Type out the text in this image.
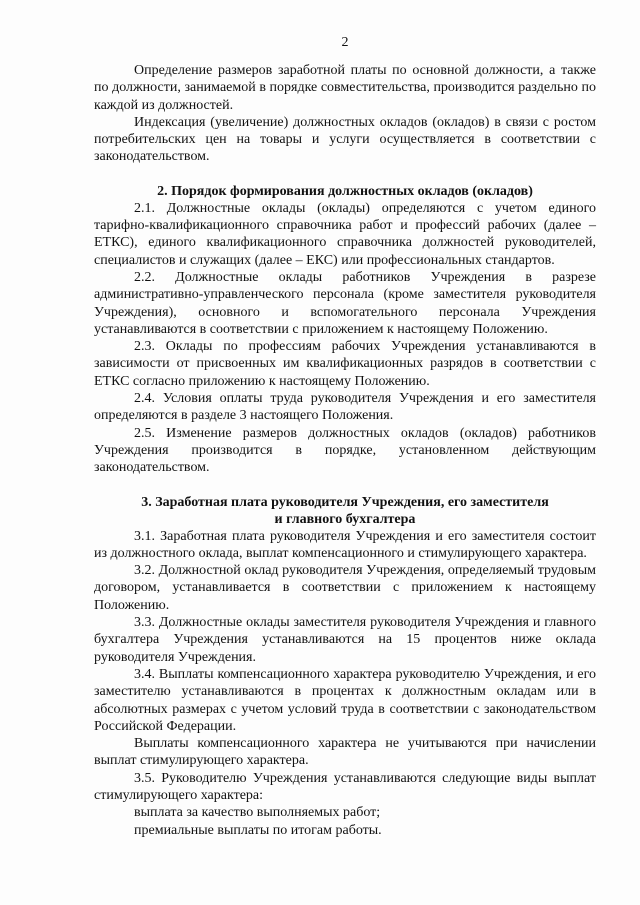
2

Определение размеров заработной платы по основной должности, а также по должности, занимаемой в порядке совместительства, производится раздельно по каждой из должностей.

Индексация (увеличение) должностных окладов (окладов) в связи с ростом потребительских цен на товары и услуги осуществляется в соответствии с законодательством.

2. Порядок формирования должностных окладов (окладов)

2.1. Должностные оклады (оклады) определяются с учетом единого тарифно-квалификационного справочника работ и профессий рабочих (далее – ЕТКС), единого квалификационного справочника должностей руководителей, специалистов и служащих (далее – ЕКС) или профессиональных стандартов.

2.2. Должностные оклады работников Учреждения в разрезе административно-управленческого персонала (кроме заместителя руководителя Учреждения), основного и вспомогательного персонала Учреждения устанавливаются в соответствии с приложением к настоящему Положению.

2.3. Оклады по профессиям рабочих Учреждения устанавливаются в зависимости от присвоенных им квалификационных разрядов в соответствии с ЕТКС согласно приложению к настоящему Положению.

2.4. Условия оплаты труда руководителя Учреждения и его заместителя определяются в разделе 3 настоящего Положения.

2.5. Изменение размеров должностных окладов (окладов) работников Учреждения производится в порядке, установленном действующим законодательством.

3. Заработная плата руководителя Учреждения, его заместителя

и главного бухгалтера

3.1. Заработная плата руководителя Учреждения и его заместителя состоит из должностного оклада, выплат компенсационного и стимулирующего характера.

3.2. Должностной оклад руководителя Учреждения, определяемый трудовым договором, устанавливается в соответствии с приложением к настоящему Положению.

3.3. Должностные оклады заместителя руководителя Учреждения и главного бухгалтера Учреждения устанавливаются на 15 процентов ниже оклада руководителя Учреждения.

3.4. Выплаты компенсационного характера руководителю Учреждения, и его заместителю устанавливаются в процентах к должностным окладам или в абсолютных размерах с учетом условий труда в соответствии с законодательством Российской Федерации.

Выплаты компенсационного характера не учитываются при начислении выплат стимулирующего характера.

3.5. Руководителю Учреждения устанавливаются следующие виды выплат стимулирующего характера:

выплата за качество выполняемых работ;

премиальные выплаты по итогам работы.
